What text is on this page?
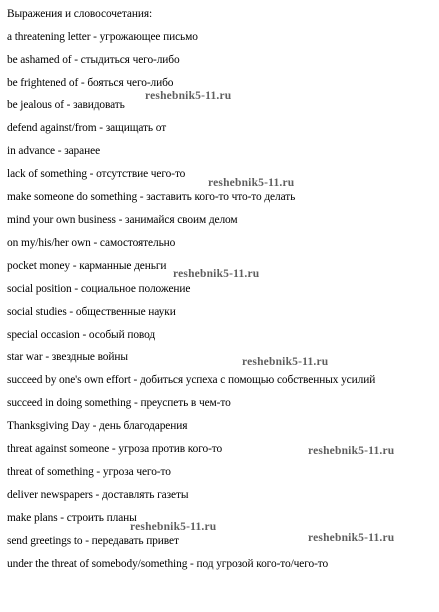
Выражения и словосочетания:
a threatening letter - угрожающее письмо
be ashamed of - стыдиться чего-либо
be frightened of - бояться чего-либо
be jealous of - завидовать
defend against/from - защищать от
in advance - заранее
lack of something - отсутствие чего-то
make someone do something - заставить кого-то что-то делать
mind your own business - занимайся своим делом
on my/his/her own - самостоятельно
pocket money - карманные деньги
social position - социальное положение
social studies - общественные науки
special occasion - особый повод
star war - звездные войны
succeed by one's own effort - добиться успеха с помощью собственных усилий
succeed in doing something - преуспеть в чем-то
Thanksgiving Day - день благодарения
threat against someone - угроза против кого-то
threat of something - угроза чего-то
deliver newspapers - доставлять газеты
make plans - строить планы
send greetings to - передавать привет
under the threat of somebody/something - под угрозой кого-то/чего-то
reshebnik5-11.ru
reshebnik5-11.ru
reshebnik5-11.ru
reshebnik5-11.ru
reshebnik5-11.ru
reshebnik5-11.ru
reshebnik5-11.ru
